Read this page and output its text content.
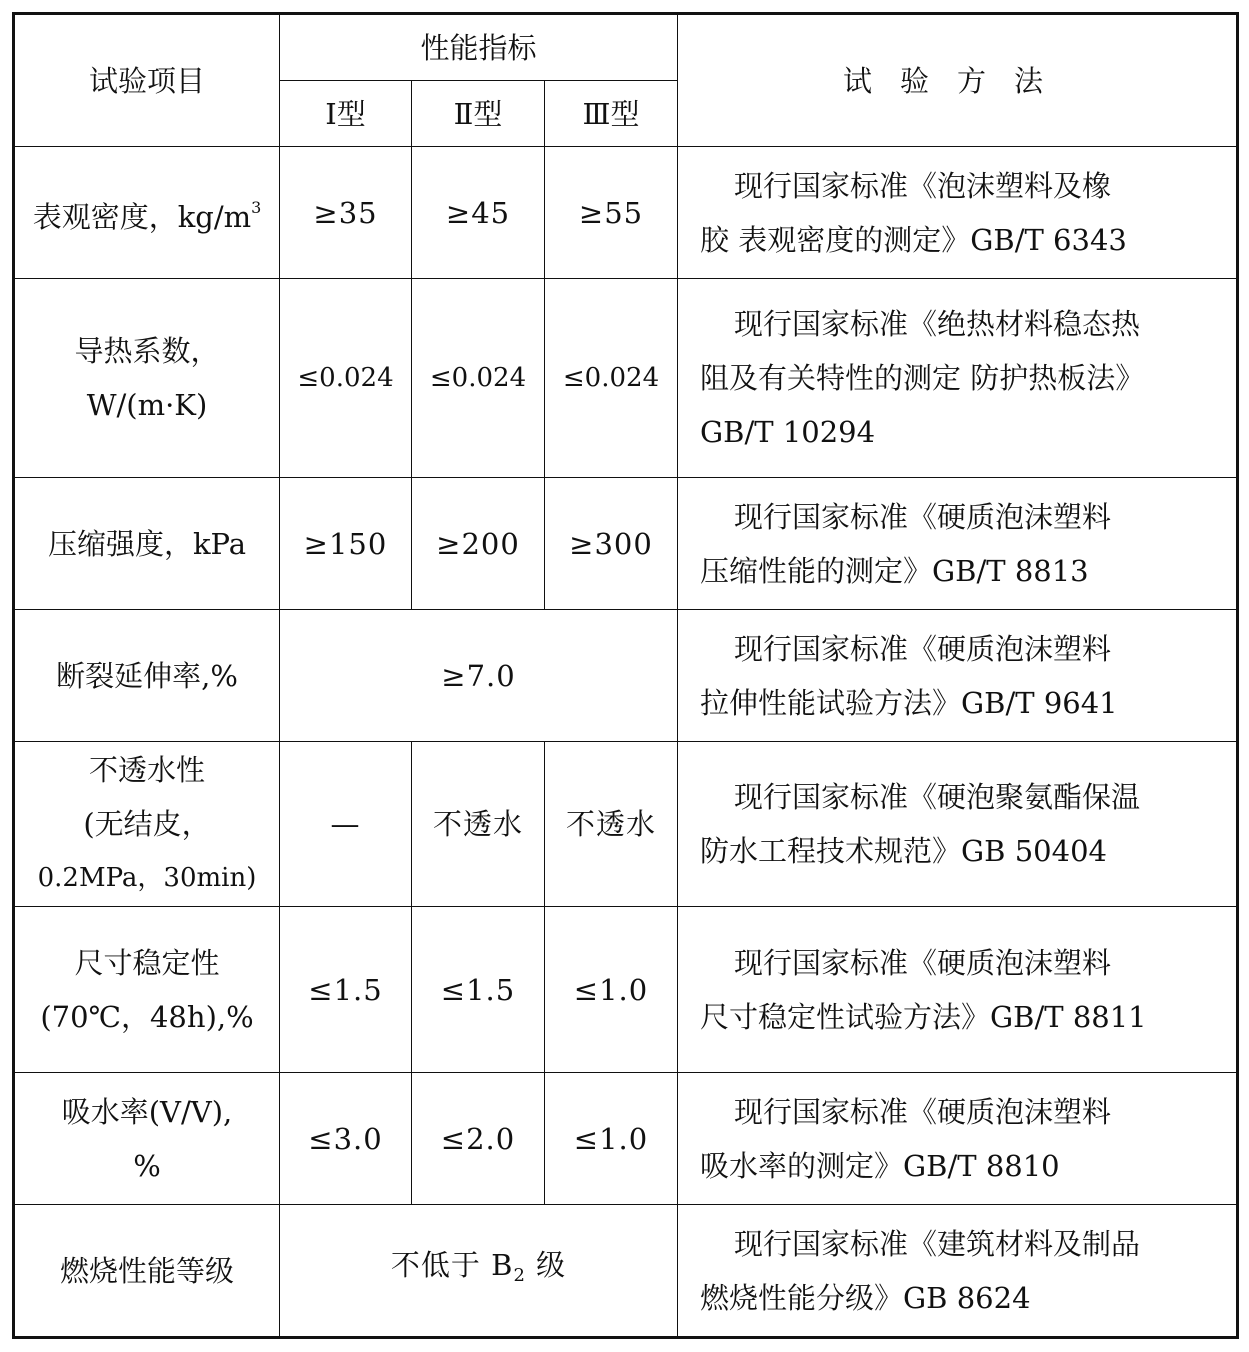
试验项目	性能指标			试验方法
	Ⅰ型	Ⅱ型	Ⅲ型	
表观密度，$kg/m^3$	≥35	≥45	≥55	现行国家标准《泡沫塑料及橡
胶 表观密度的测定》GB/T 6343

导热系数，
W/(m·K)	≤0.024	≤0.024	≤0.024	现行国家标准《绝热材料稳态热
阻及有关特性的测定 防护热板法》
GB/T 10294

压缩强度，kPa	≥150	≥200	≥300	现行国家标准《硬质泡沫塑料
压缩性能的测定》GB/T 8813

断裂延伸率,%	≥7.0			现行国家标准《硬质泡沫塑料
拉伸性能试验方法》GB/T 9641

不透水性
(无结皮，
0.2MPa，30min)	—	不透水	不透水	现行国家标准《硬泡聚氨酯保温
防水工程技术规范》GB 50404

尺寸稳定性
(70℃，48h),%	≤1.5	≤1.5	≤1.0	现行国家标准《硬质泡沫塑料
尺寸稳定性试验方法》GB/T 8811

吸水率(V/V),
%	≤3.0	≤2.0	≤1.0	现行国家标准《硬质泡沫塑料
吸水率的测定》GB/T 8810

燃烧性能等级	不低于 $B_2$ 级			现行国家标准《建筑材料及制品
燃烧性能分级》GB 8624
